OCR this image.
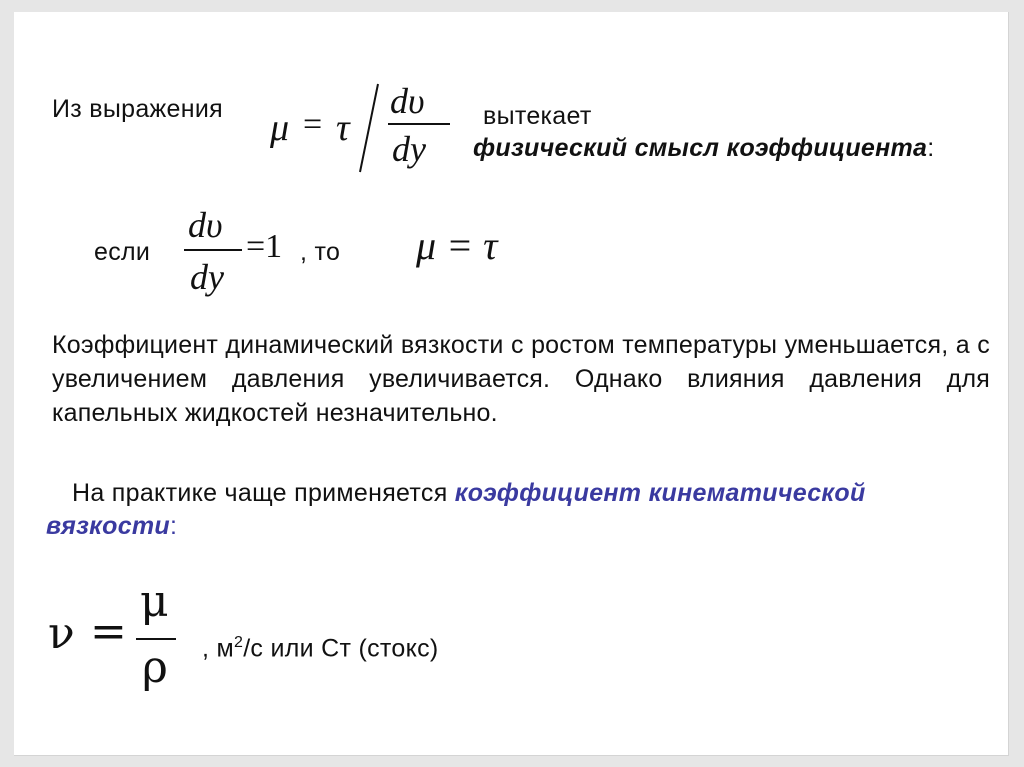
Из выражения μ = τ
dυ
dy
вытекает
физический смысл коэффициента:
если
dυ
dy
=1 , то μ = τ
Коэффициент динамический вязкости с ростом температуры уменьшается, а с увеличением давления увеличивается. Однако влияния давления для капельных жидкостей незначительно.
На практике чаще применяется коэффициент кинематической
вязкости:
ν =
μ
ρ , $м^2/с$ или Ст (стокс)
